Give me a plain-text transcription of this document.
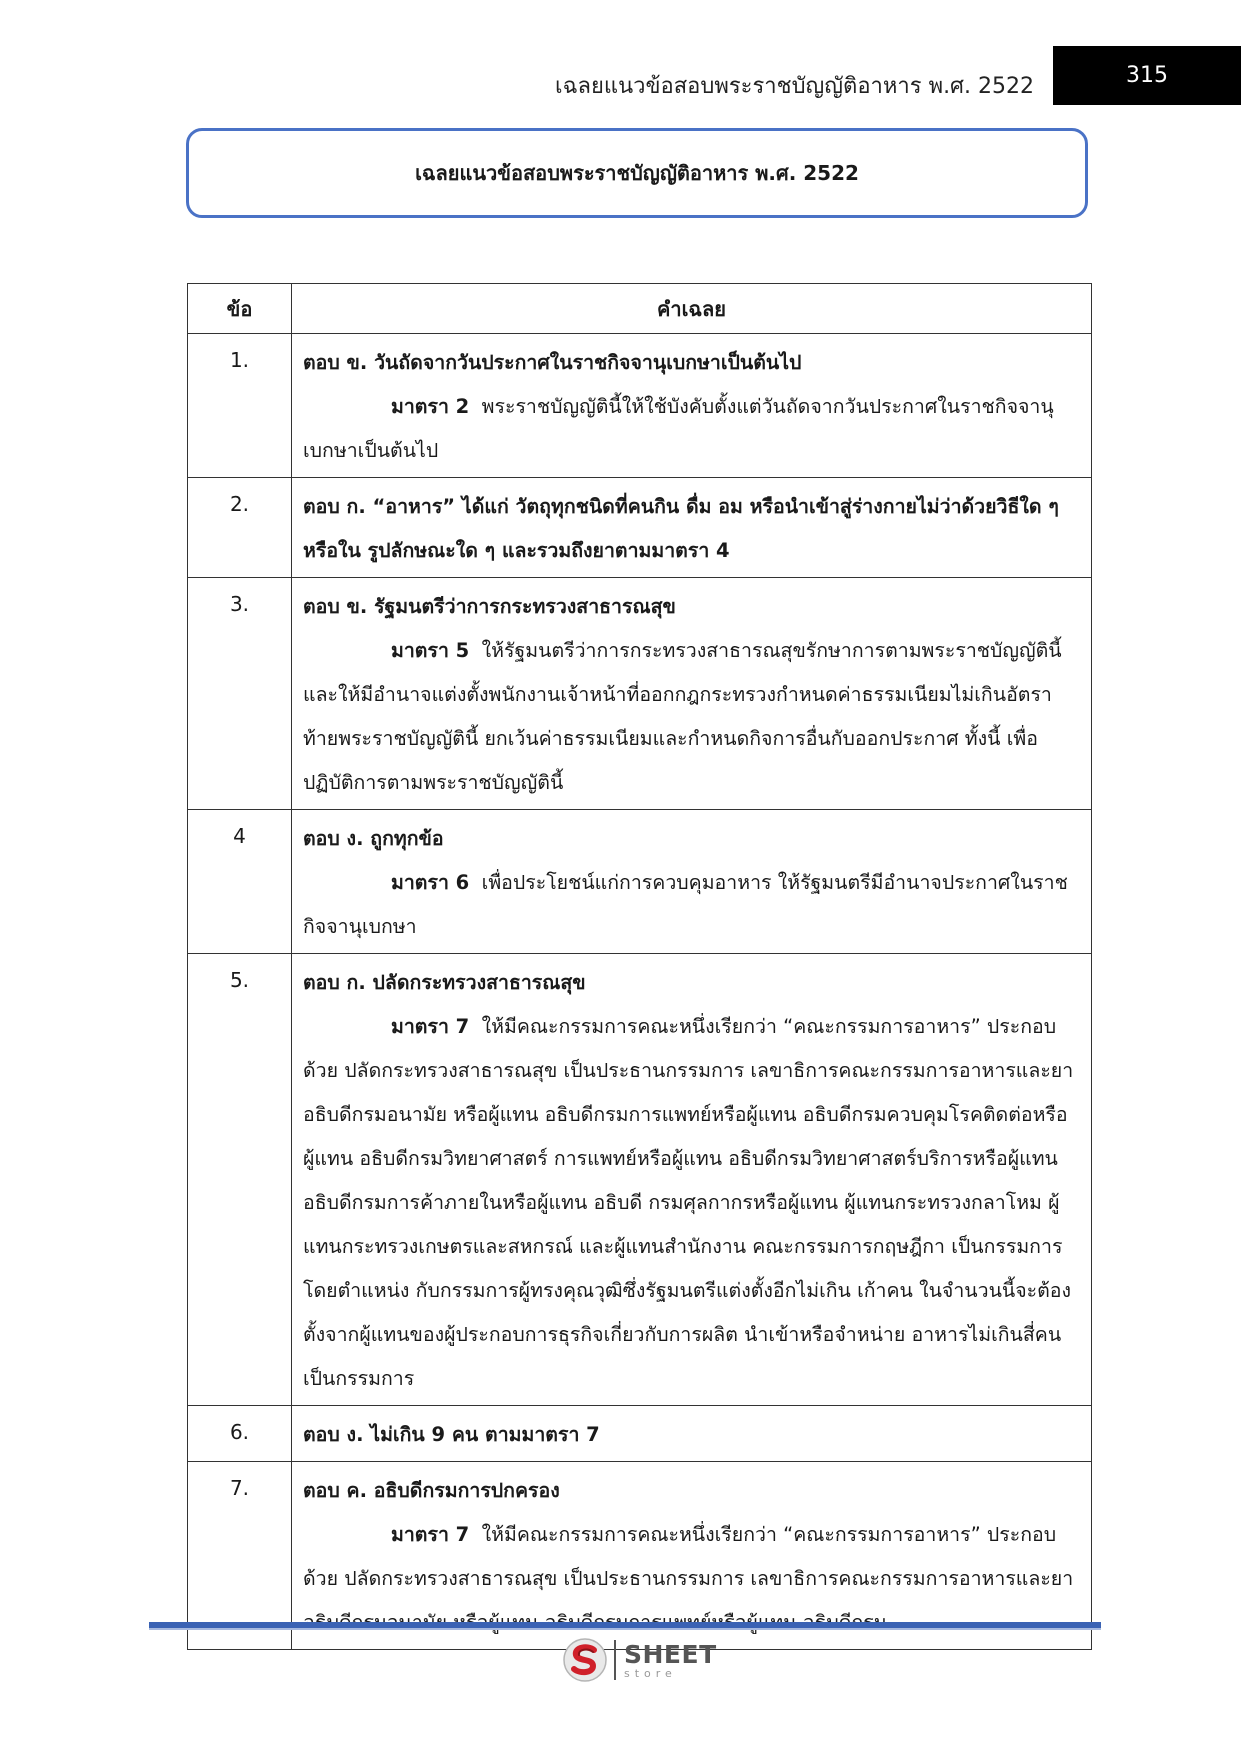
เฉลยแนวข้อสอบพระราชบัญญัติอาหาร พ.ศ. 2522	315
เฉลยแนวข้อสอบพระราชบัญญัติอาหาร พ.ศ. 2522
ข้อ	คำเฉลย
1.	ตอบ ข. วันถัดจากวันประกาศในราชกิจจานุเบกษาเป็นต้นไป
มาตรา 2 พระราชบัญญัตินี้ให้ใช้บังคับตั้งแต่วันถัดจากวันประกาศในราชกิจจานุเบกษาเป็นต้นไป

2.	ตอบ ก. “อาหาร” ได้แก่ วัตถุทุกชนิดที่คนกิน ดื่ม อม หรือนำเข้าสู่ร่างกายไม่ว่าด้วยวิธีใด ๆ หรือใน รูปลักษณะใด ๆ และรวมถึงยาตามมาตรา 4

3.	ตอบ ข. รัฐมนตรีว่าการกระทรวงสาธารณสุข
มาตรา 5 ให้รัฐมนตรีว่าการกระทรวงสาธารณสุขรักษาการตามพระราชบัญญัตินี้ และให้มีอำนาจแต่งตั้งพนักงานเจ้าหน้าที่ออกกฎกระทรวงกำหนดค่าธรรมเนียมไม่เกินอัตราท้ายพระราชบัญญัตินี้ ยกเว้นค่าธรรมเนียมและกำหนดกิจการอื่นกับออกประกาศ ทั้งนี้ เพื่อปฏิบัติการตามพระราชบัญญัตินี้

4	ตอบ ง. ถูกทุกข้อ
มาตรา 6 เพื่อประโยชน์แก่การควบคุมอาหาร ให้รัฐมนตรีมีอำนาจประกาศในราชกิจจานุเบกษา

5.	ตอบ ก. ปลัดกระทรวงสาธารณสุข
มาตรา 7 ให้มีคณะกรรมการคณะหนึ่งเรียกว่า “คณะกรรมการอาหาร” ประกอบด้วย ปลัดกระทรวงสาธารณสุข เป็นประธานกรรมการ เลขาธิการคณะกรรมการอาหารและยา อธิบดีกรมอนามัย หรือผู้แทน อธิบดีกรมการแพทย์หรือผู้แทน อธิบดีกรมควบคุมโรคติดต่อหรือผู้แทน อธิบดีกรมวิทยาศาสตร์ การแพทย์หรือผู้แทน อธิบดีกรมวิทยาศาสตร์บริการหรือผู้แทน อธิบดีกรมการค้าภายในหรือผู้แทน อธิบดี กรมศุลกากรหรือผู้แทน ผู้แทนกระทรวงกลาโหม ผู้แทนกระทรวงเกษตรและสหกรณ์ และผู้แทนสำนักงาน คณะกรรมการกฤษฎีกา เป็นกรรมการโดยตำแหน่ง กับกรรมการผู้ทรงคุณวุฒิซึ่งรัฐมนตรีแต่งตั้งอีกไม่เกิน เก้าคน ในจำนวนนี้จะต้องตั้งจากผู้แทนของผู้ประกอบการธุรกิจเกี่ยวกับการผลิต นำเข้าหรือจำหน่าย อาหารไม่เกินสี่คน เป็นกรรมการ

6.	ตอบ ง. ไม่เกิน 9 คน ตามมาตรา 7

7.	ตอบ ค. อธิบดีกรมการปกครอง
มาตรา 7 ให้มีคณะกรรมการคณะหนึ่งเรียกว่า “คณะกรรมการอาหาร” ประกอบด้วย ปลัดกระทรวงสาธารณสุข เป็นประธานกรรมการ เลขาธิการคณะกรรมการอาหารและยา
SHEET
store
